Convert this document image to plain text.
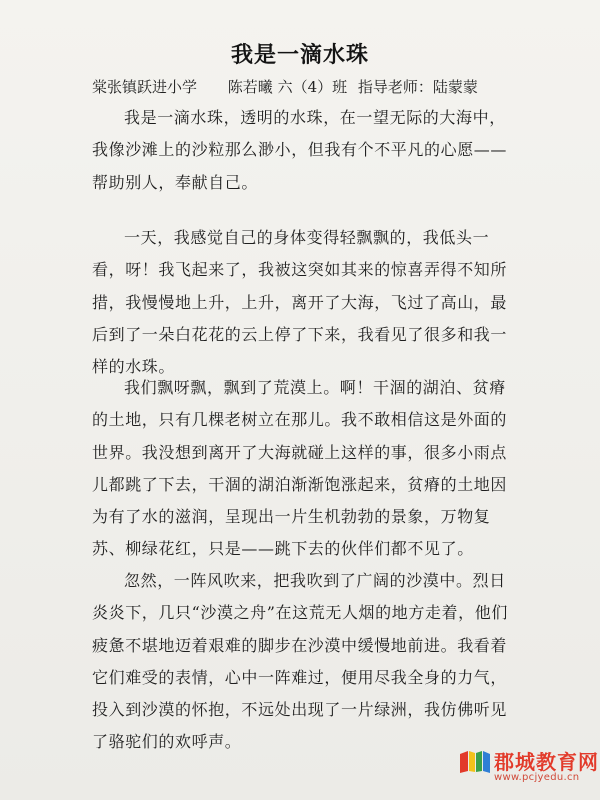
我是一滴水珠
棠张镇跃进小学 陈若曦 六（4）班 指导老师：陆蒙蒙

我是一滴水珠，透明的水珠，在一望无际的大海中，我像沙滩上的沙粒那么渺小，但我有个不平凡的心愿——帮助别人，奉献自己。

一天，我感觉自己的身体变得轻飘飘的，我低头一看，呀！我飞起来了，我被这突如其来的惊喜弄得不知所措，我慢慢地上升，上升，离开了大海，飞过了高山，最后到了一朵白花花的云上停了下来，我看见了很多和我一样的水珠。

我们飘呀飘，飘到了荒漠上。啊！干涸的湖泊、贫瘠的土地，只有几棵老树立在那儿。我不敢相信这是外面的世界。我没想到离开了大海就碰上这样的事，很多小雨点儿都跳了下去，干涸的湖泊渐渐饱涨起来，贫瘠的土地因为有了水的滋润，呈现出一片生机勃勃的景象，万物复苏、柳绿花红，只是——跳下去的伙伴们都不见了。

忽然，一阵风吹来，把我吹到了广阔的沙漠中。烈日炎炎下，几只“沙漠之舟”在这荒无人烟的地方走着，他们疲惫不堪地迈着艰难的脚步在沙漠中缓慢地前进。我看着它们难受的表情，心中一阵难过，便用尽我全身的力气，投入到沙漠的怀抱，不远处出现了一片绿洲，我仿佛听见了骆驼们的欢呼声。

郡城教育网
www.pcjyedu.cn
